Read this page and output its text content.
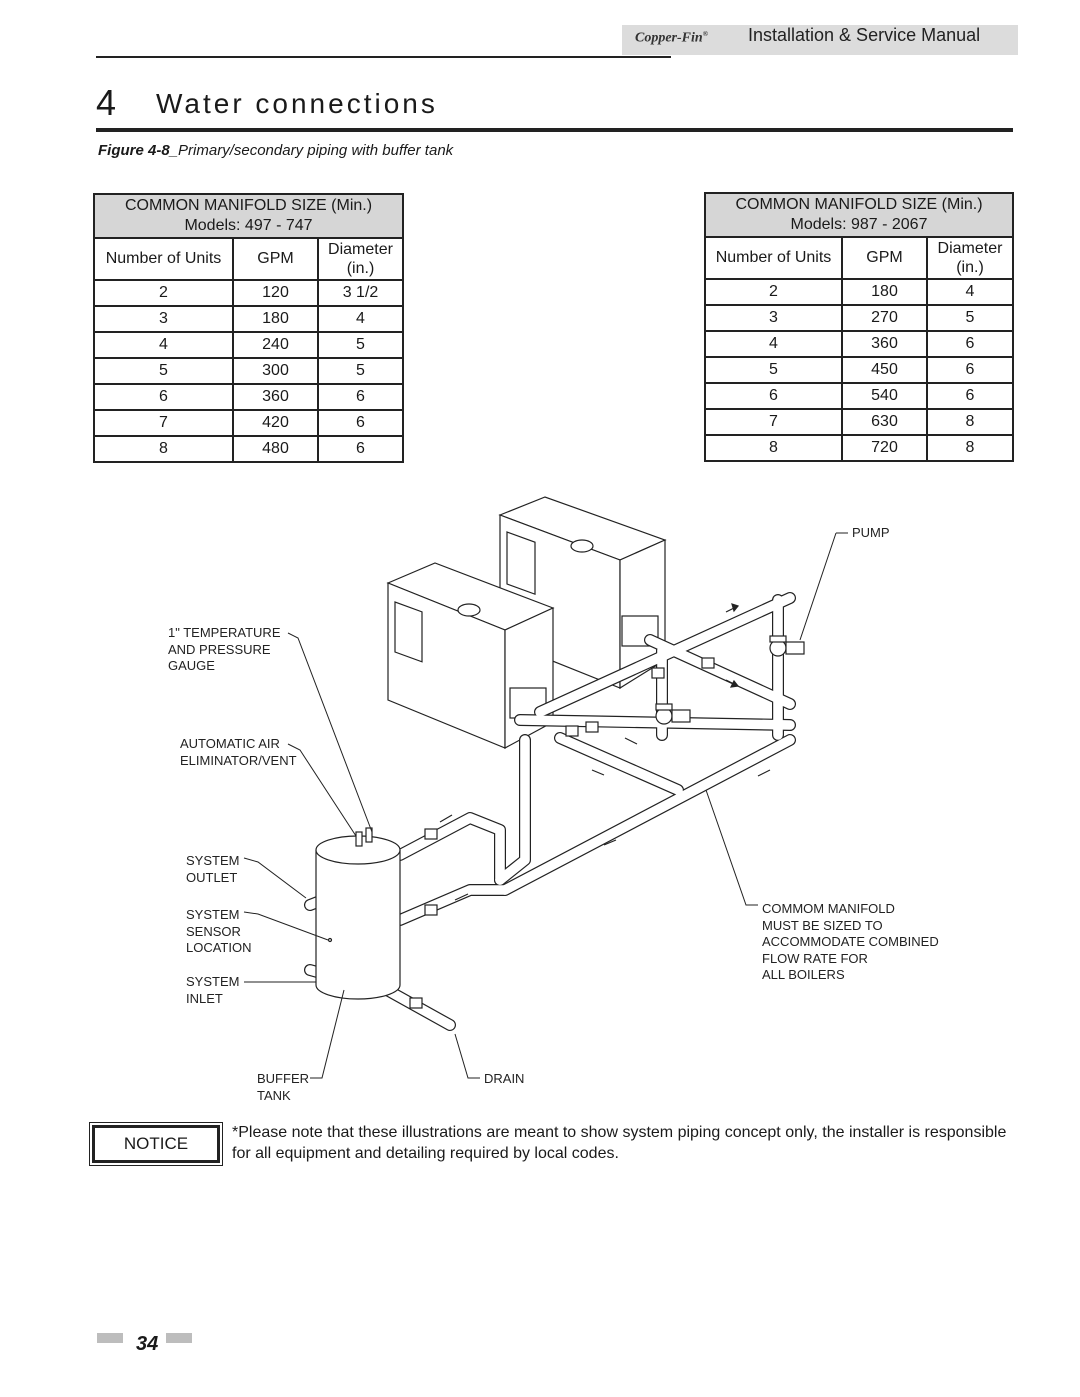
Copper-Fin® Installation & Service Manual
4 Water connections
Figure 4-8_Primary/secondary piping with buffer tank
COMMON MANIFOLD SIZE (Min.)
Models: 497 - 747		

Number of Units	GPM	Diameter
(in.)

2	120	3 1/2
3	180	4
4	240	5
5	300	5
6	360	6
7	420	6
8	480	6
COMMON MANIFOLD SIZE (Min.)
Models: 987 - 2067		

Number of Units	GPM	Diameter
(in.)

2	180	4
3	270	5
4	360	6
5	450	6
6	540	6
7	630	8
8	720	8
PUMP
1" TEMPERATURE
AND PRESSURE
GAUGE
AUTOMATIC AIR
ELIMINATOR/VENT
SYSTEM
OUTLET
SYSTEM
SENSOR
LOCATION
SYSTEM
INLET
BUFFER
TANK
DRAIN
COMMOM MANIFOLD
MUST BE SIZED TO
ACCOMMODATE COMBINED
FLOW RATE FOR
ALL BOILERS
NOTICE
*Please note that these illustrations are meant to show system piping concept only, the installer is responsible
for all equipment and detailing required by local codes.
34
